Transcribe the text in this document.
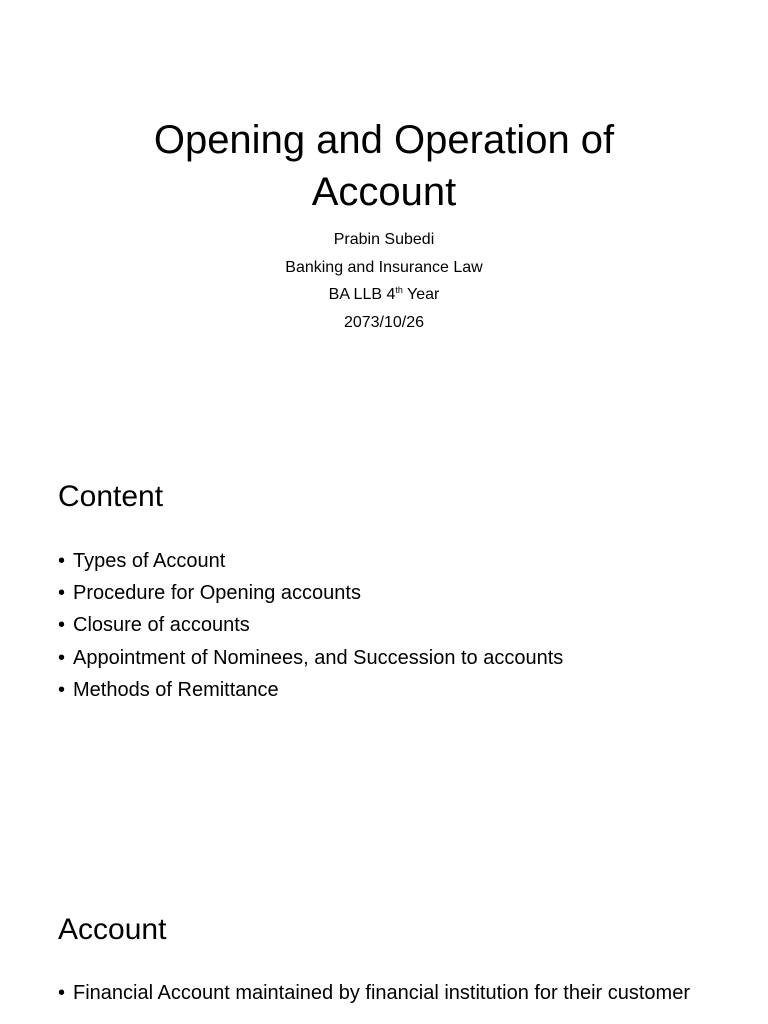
Opening and Operation of Account
Prabin Subedi
Banking and Insurance Law
BA LLB 4th Year
2073/10/26
Content
• Types of Account
• Procedure for Opening accounts
• Closure of accounts
• Appointment of Nominees, and Succession to accounts
• Methods of Remittance
Account
• Financial Account maintained by financial institution for their customer
